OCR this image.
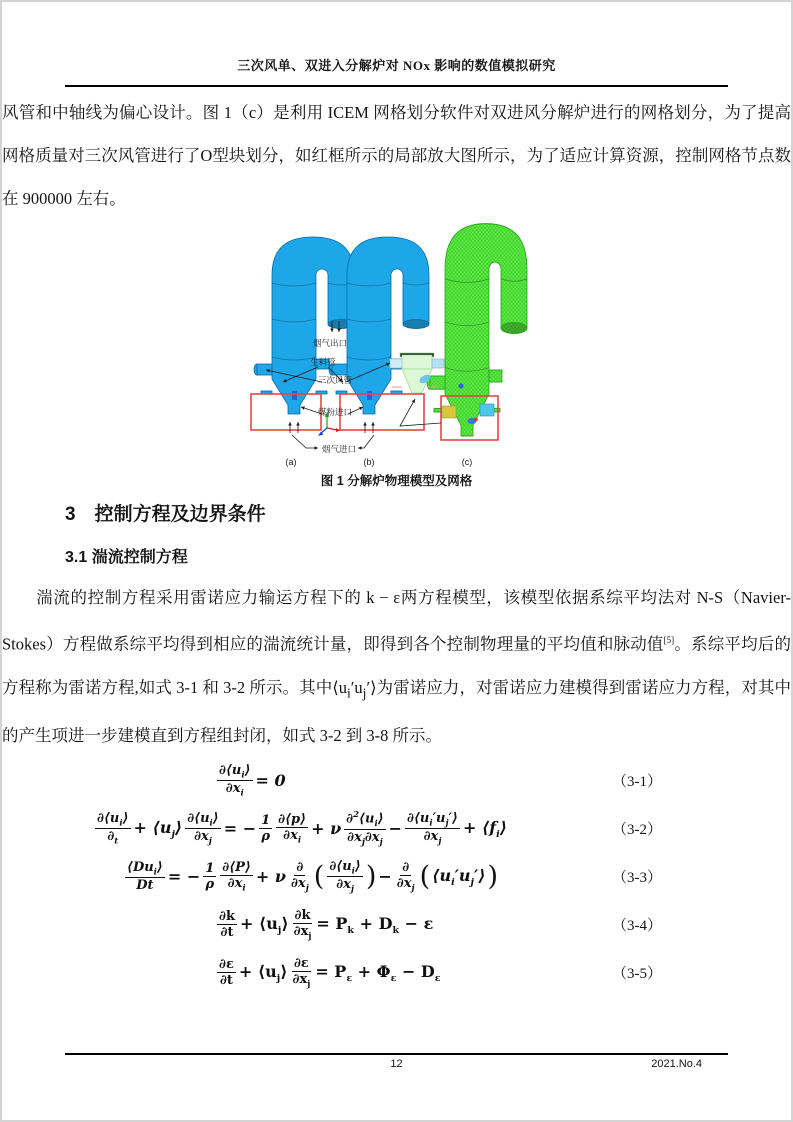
三次风单、双进入分解炉对 NOx 影响的数值模拟研究
风管和中轴线为偏心设计。图 1（c）是利用 ICEM 网格划分软件对双进风分解炉进行的网格划分，为了提高网格质量对三次风管进行了O型块划分，如红框所示的局部放大图所示，为了适应计算资源，控制网格节点数在 900000 左右。
烟气出口
生料管
三次风管
煤粉进口
烟气进口
(a)	(b)	(c)
图 1 分解炉物理模型及网格
3　控制方程及边界条件
3.1 湍流控制方程
　　湍流的控制方程采用雷诺应力输运方程下的 k − ε两方程模型，该模型依据系综平均法对 N-S（Navier-Stokes）方程做系综平均得到相应的湍流统计量，即得到各个控制物理量的平均值和脉动值[5]。系综平均后的方程称为雷诺方程,如式 3-1 和 3-2 所示。其中$⟨u_i'u_j'⟩$为雷诺应力，对雷诺应力建模得到雷诺应力方程，对其中的产生项进一步建模直到方程组封闭，如式 3-2 到 3-8 所示。
$\frac{\partial⟨u_i⟩}{\partial x_i} = 0$	（3-1）
$\frac{\partial⟨u_i⟩}{\partial_t}$ + $⟨u_j⟩ \frac{\partial⟨u_i⟩}{\partial x_j}$ = − $\frac{1}{\rho} \frac{\partial⟨p⟩}{\partial x_i} + \nu \frac{\partial^2⟨u_i⟩}{\partial x_j\partial x_j} - \frac{\partial⟨u_i'u_j'⟩}{\partial x_j}$ + $⟨f_i⟩$	（3-2）
$\frac{⟨Du_i⟩}{Dt}$ = − $\frac{1}{\rho} \frac{\partial⟨P⟩}{\partial x_i} + \nu \frac{\partial}{\partial x_j}$ ( $\frac{\partial⟨u_i⟩}{\partial x_j}$ ) − $\frac{\partial}{\partial x_j}$ ( $⟨u_i'u_j'⟩$ )	（3-3）
$\frac{\partial k}{\partial t}$ + $⟨u_j⟩ \frac{\partial k}{\partial x_j} = P_k + D_k - \varepsilon$	（3-4）
$\frac{\partial\varepsilon}{\partial t}$ + $⟨u_j⟩ \frac{\partial\varepsilon}{\partial x_j} = P_\varepsilon + \Phi_\varepsilon - D_\varepsilon$	（3-5）
12	2021.No.4
